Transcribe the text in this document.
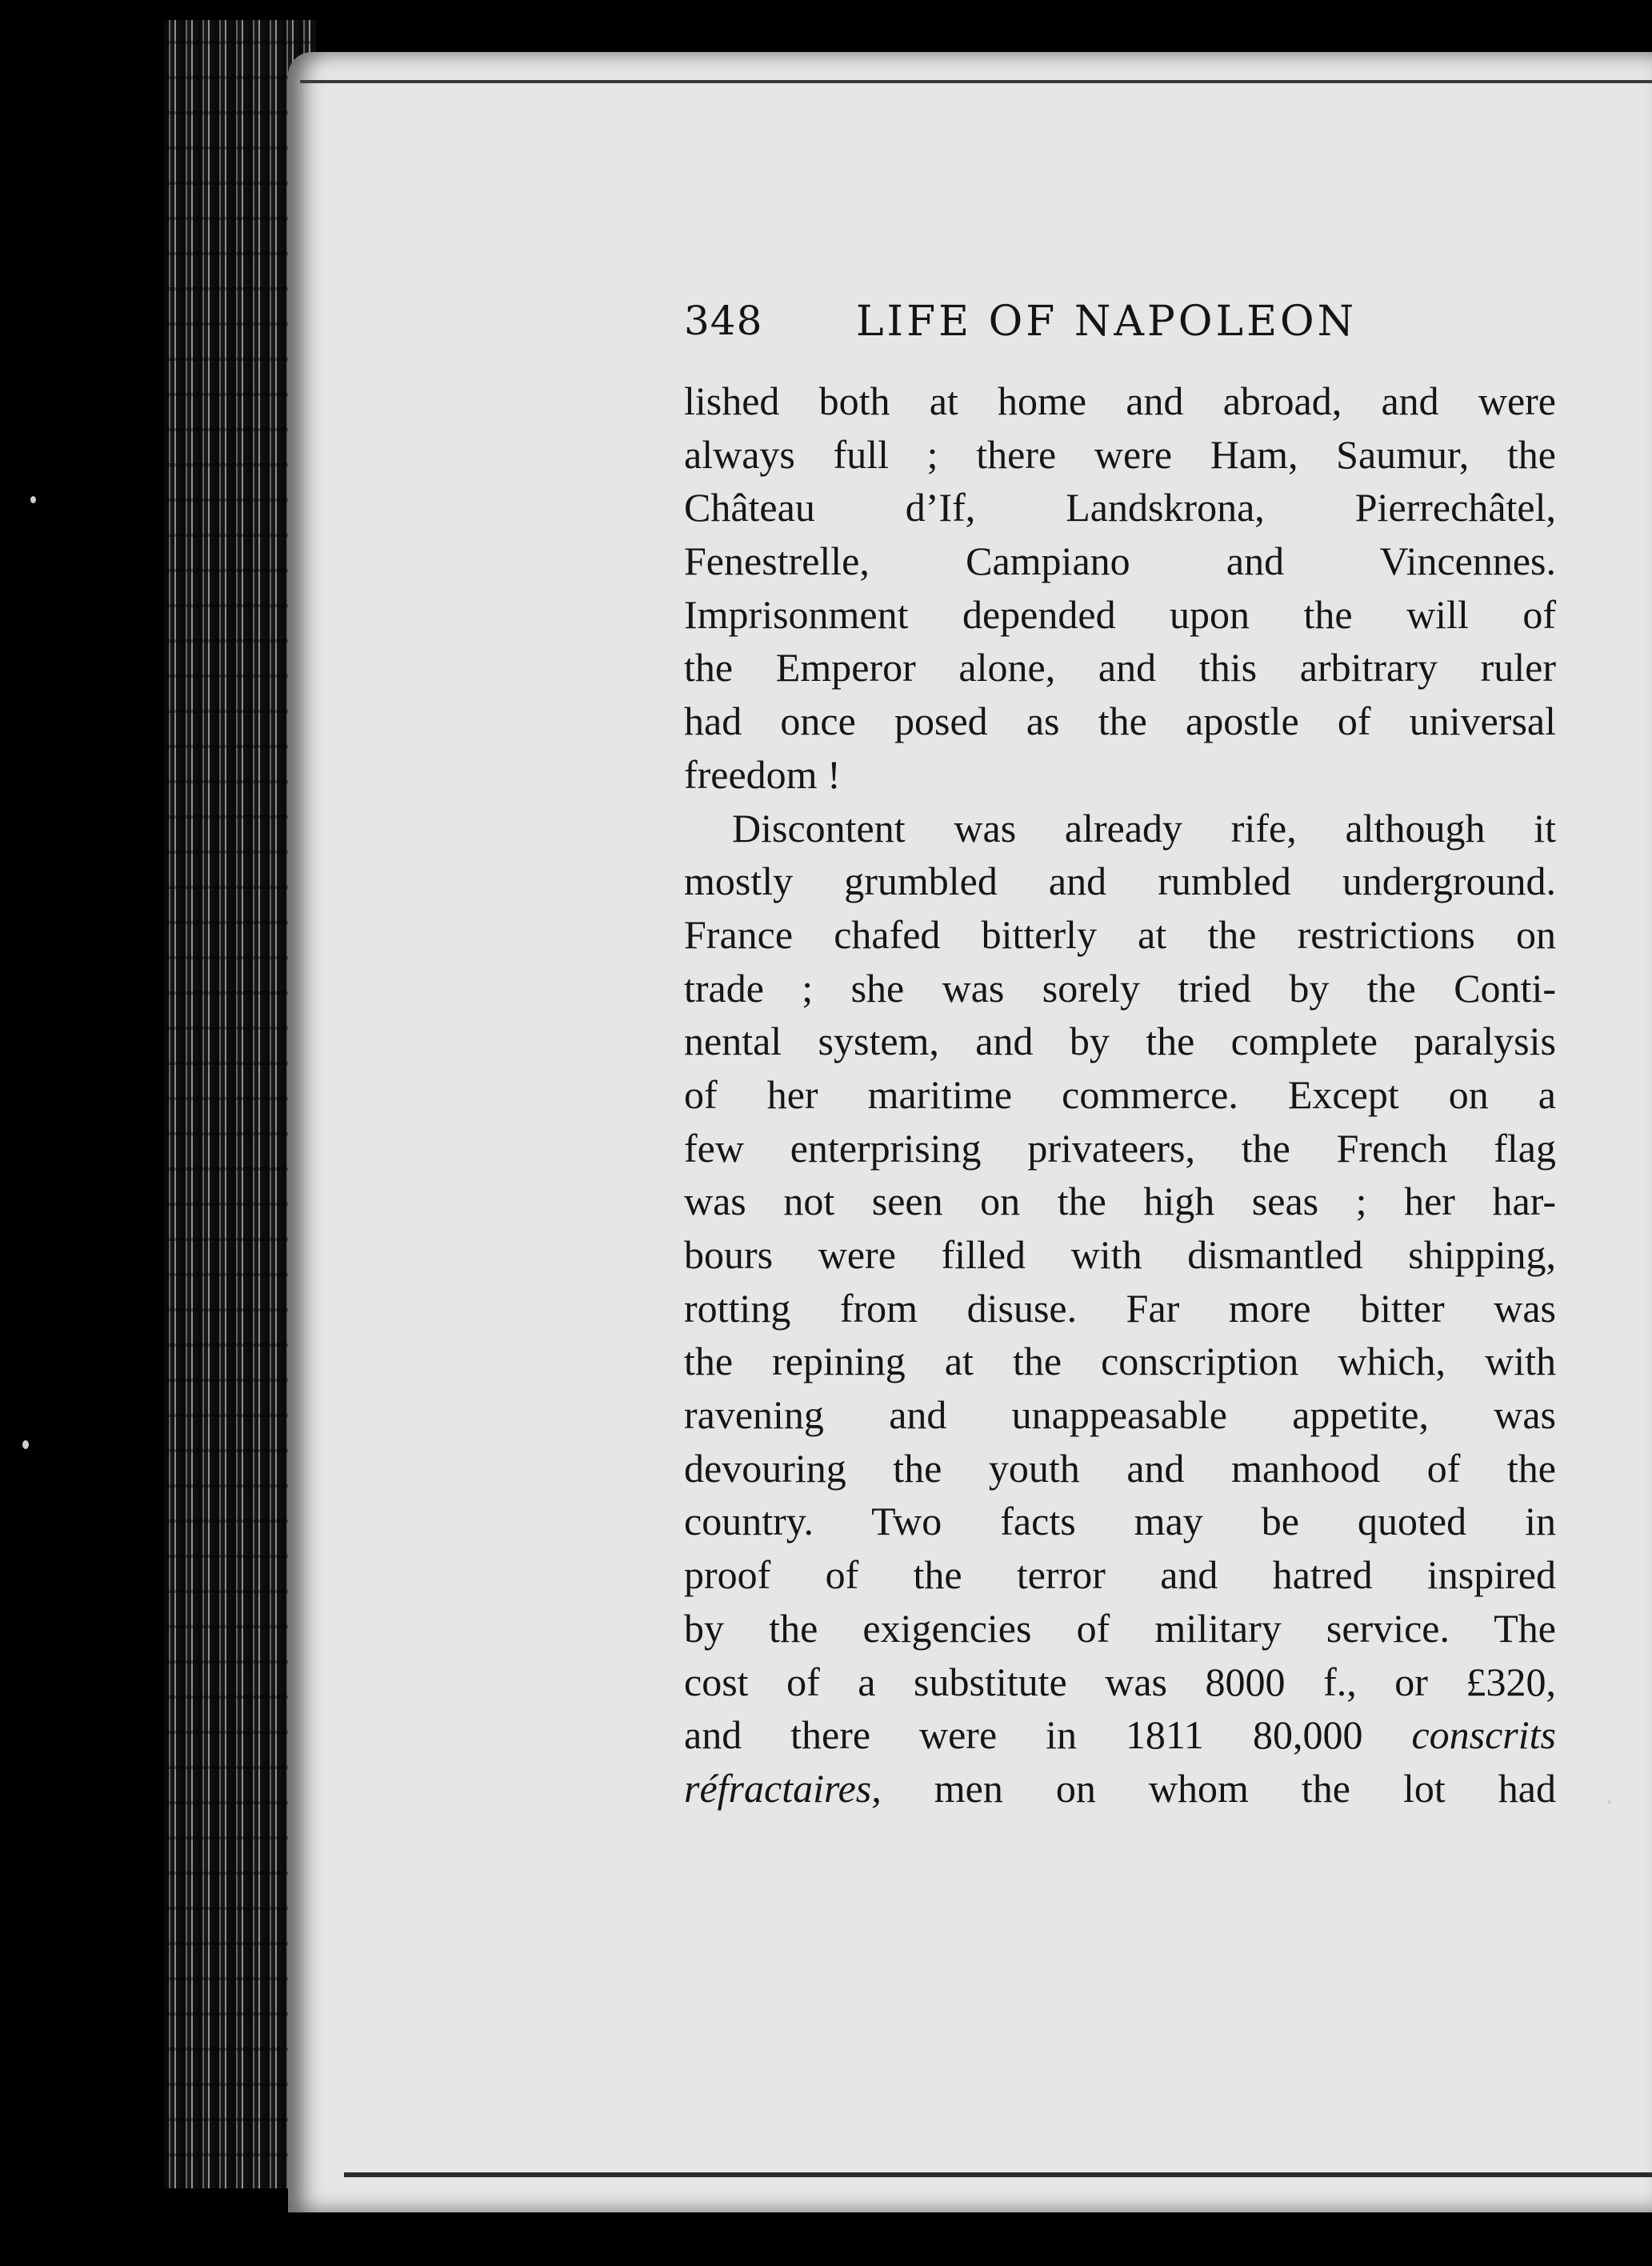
348 LIFE OF NAPOLEON
lished both at home and abroad, and were
always full ; there were Ham, Saumur, the
Château d’If, Landskrona, Pierrechâtel,
Fenestrelle, Campiano and Vincennes.
Imprisonment depended upon the will of
the Emperor alone, and this arbitrary ruler
had once posed as the apostle of universal
freedom !
Discontent was already rife, although it
mostly grumbled and rumbled underground.
France chafed bitterly at the restrictions on
trade ; she was sorely tried by the Conti-
nental system, and by the complete paralysis
of her maritime commerce. Except on a
few enterprising privateers, the French flag
was not seen on the high seas ; her har-
bours were filled with dismantled shipping,
rotting from disuse. Far more bitter was
the repining at the conscription which, with
ravening and unappeasable appetite, was
devouring the youth and manhood of the
country. Two facts may be quoted in
proof of the terror and hatred inspired
by the exigencies of military service. The
cost of a substitute was 8000 f., or £320,
and there were in 1811 80,000 conscrits
réfractaires, men on whom the lot had
